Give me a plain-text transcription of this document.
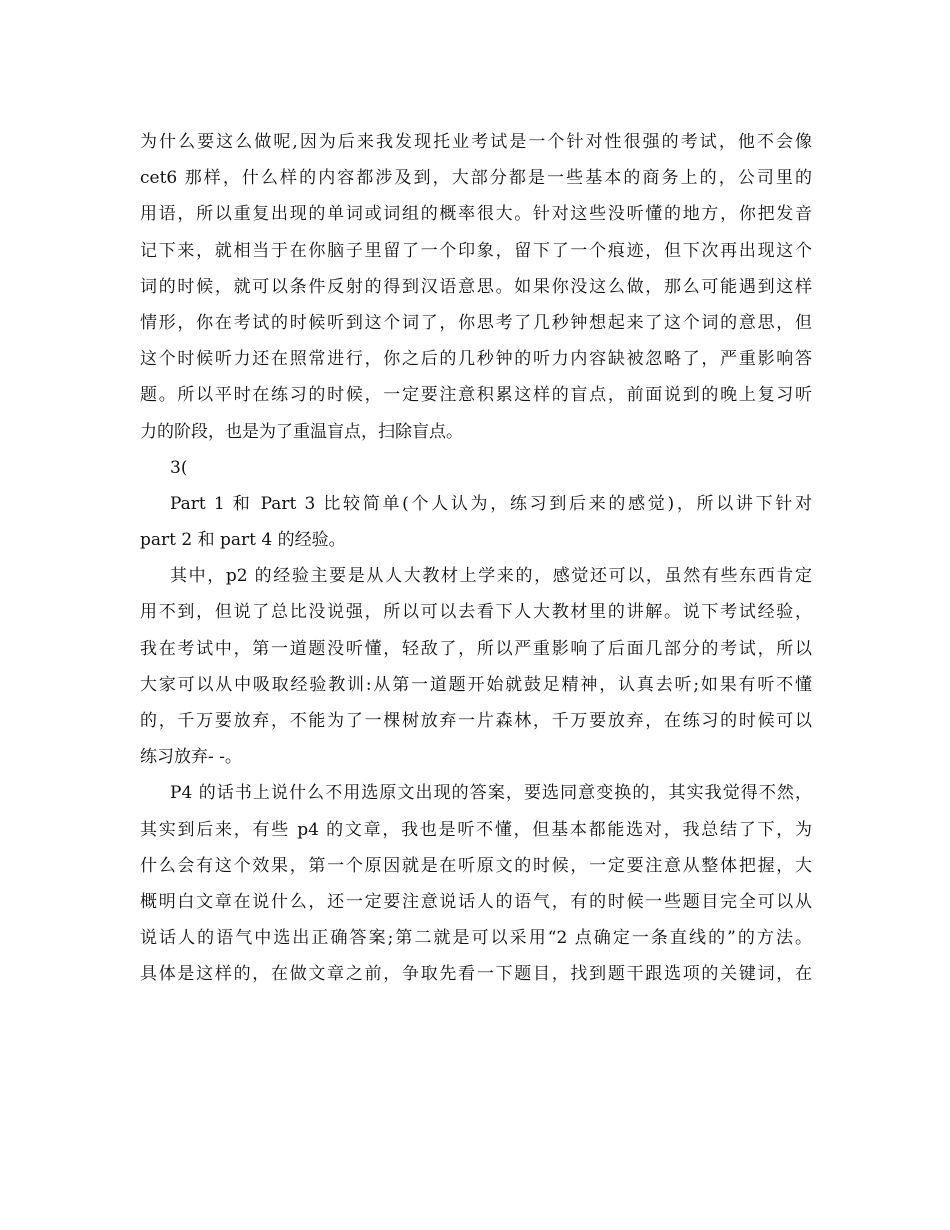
为什么要这么做呢,因为后来我发现托业考试是一个针对性很强的考试，他不会像
cet6 那样，什么样的内容都涉及到，大部分都是一些基本的商务上的，公司里的
用语，所以重复出现的单词或词组的概率很大。针对这些没听懂的地方，你把发音
记下来，就相当于在你脑子里留了一个印象，留下了一个痕迹，但下次再出现这个
词的时候，就可以条件反射的得到汉语意思。如果你没这么做，那么可能遇到这样
情形，你在考试的时候听到这个词了，你思考了几秒钟想起来了这个词的意思，但
这个时候听力还在照常进行，你之后的几秒钟的听力内容缺被忽略了，严重影响答
题。所以平时在练习的时候，一定要注意积累这样的盲点，前面说到的晚上复习听
力的阶段，也是为了重温盲点，扫除盲点。
3(
Part 1 和 Part 3 比较简单(个人认为，练习到后来的感觉)，所以讲下针对
part 2 和 part 4 的经验。
其中，p2 的经验主要是从人大教材上学来的，感觉还可以，虽然有些东西肯定
用不到，但说了总比没说强，所以可以去看下人大教材里的讲解。说下考试经验，
我在考试中，第一道题没听懂，轻敌了，所以严重影响了后面几部分的考试，所以
大家可以从中吸取经验教训:从第一道题开始就鼓足精神，认真去听;如果有听不懂
的，千万要放弃，不能为了一棵树放弃一片森林，千万要放弃，在练习的时候可以
练习放弃- -。
P4 的话书上说什么不用选原文出现的答案，要选同意变换的，其实我觉得不然，
其实到后来，有些 p4 的文章，我也是听不懂，但基本都能选对，我总结了下，为
什么会有这个效果，第一个原因就是在听原文的时候，一定要注意从整体把握，大
概明白文章在说什么，还一定要注意说话人的语气，有的时候一些题目完全可以从
说话人的语气中选出正确答案;第二就是可以采用“2 点确定一条直线的”的方法。
具体是这样的，在做文章之前，争取先看一下题目，找到题干跟选项的关键词，在
